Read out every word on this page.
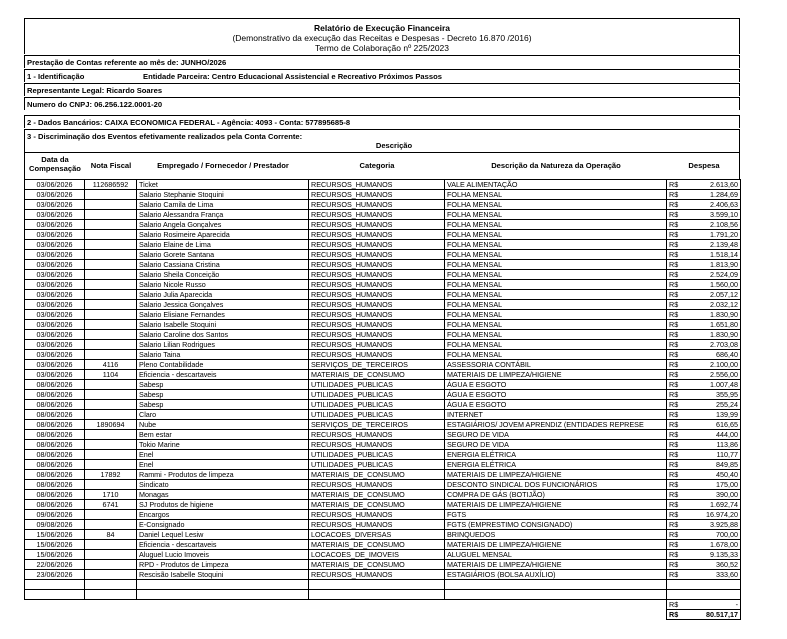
Relatório de Execução Financeira
(Demonstrativo da execução das Receitas e Despesas - Decreto 16.870 /2016)
Termo de Colaboração nº 225/2023
Prestação de Contas referente ao mês de: JUNHO/2026
1 - Identificação	Entidade Parceira: Centro Educacional Assistencial e Recreativo Próximos Passos
Representante Legal: Ricardo Soares
Numero do CNPJ: 06.256.122.0001-20
2 - Dados Bancários: CAIXA ECONOMICA FEDERAL - Agência: 4093 - Conta: 577895685-8
3 - Discriminação dos Eventos efetivamente realizados pela Conta Corrente:
Descrição
Data da Compensação	Nota Fiscal	Empregado / Fornecedor / Prestador	Categoria	Descrição da Natureza da Operação	Despesa
03/06/2026	112686592	Ticket	RECURSOS_HUMANOS	VALE ALIMENTAÇÃO	R$	2.613,60
03/06/2026		Salario Stephanie Stoquini	RECURSOS_HUMANOS	FOLHA MENSAL	R$	1.284,69
03/06/2026		Salario Camila de Lima	RECURSOS_HUMANOS	FOLHA MENSAL	R$	2.406,63
03/06/2026		Salario Alessandra França	RECURSOS_HUMANOS	FOLHA MENSAL	R$	3.599,10
03/06/2026		Salario Angela Gonçalves	RECURSOS_HUMANOS	FOLHA MENSAL	R$	2.108,56
03/06/2026		Salario Rosimeire Aparecida	RECURSOS_HUMANOS	FOLHA MENSAL	R$	1.791,20
03/06/2026		Salario Elaine de Lima	RECURSOS_HUMANOS	FOLHA MENSAL	R$	2.139,48
03/06/2026		Salario Gorete Santana	RECURSOS_HUMANOS	FOLHA MENSAL	R$	1.518,14
03/06/2026		Salario Cassiana Cristina	RECURSOS_HUMANOS	FOLHA MENSAL	R$	1.813,90
03/06/2026		Salario Sheila Conceição	RECURSOS_HUMANOS	FOLHA MENSAL	R$	2.524,09
03/06/2026		Salario Nicole Russo	RECURSOS_HUMANOS	FOLHA MENSAL	R$	1.560,00
03/06/2026		Salario Julia Aparecida	RECURSOS_HUMANOS	FOLHA MENSAL	R$	2.057,12
03/06/2026		Salario Jessica Gonçalves	RECURSOS_HUMANOS	FOLHA MENSAL	R$	2.032,12
03/06/2026		Salario Elisiane Fernandes	RECURSOS_HUMANOS	FOLHA MENSAL	R$	1.830,90
03/06/2026		Salario Isabelle Stoquini	RECURSOS_HUMANOS	FOLHA MENSAL	R$	1.651,80
03/06/2026		Salario Caroline dos Santos	RECURSOS_HUMANOS	FOLHA MENSAL	R$	1.830,90
03/06/2026		Salario Lilian Rodrigues	RECURSOS_HUMANOS	FOLHA MENSAL	R$	2.703,08
03/06/2026		Salario Taina	RECURSOS_HUMANOS	FOLHA MENSAL	R$	686,40
03/06/2026	4116	Pleno Contabilidade	SERVIÇOS_DE_TERCEIROS	ASSESSORIA CONTÁBIL	R$	2.100,00
03/06/2026	1104	Eficiencia - descartaveis	MATERIAIS_DE_CONSUMO	MATERIAIS DE LIMPEZA/HIGIENE	R$	2.556,00
08/06/2026		Sabesp	UTILIDADES_PUBLICAS	ÁGUA E ESGOTO	R$	1.007,48
08/06/2026		Sabesp	UTILIDADES_PUBLICAS	ÁGUA E ESGOTO	R$	355,95
08/06/2026		Sabesp	UTILIDADES_PUBLICAS	ÁGUA E ESGOTO	R$	255,24
08/06/2026		Claro	UTILIDADES_PUBLICAS	INTERNET	R$	139,99
08/06/2026	1890694	Nube	SERVIÇOS_DE_TERCEIROS	ESTAGIÁRIOS/ JOVEM APRENDIZ (ENTIDADES REPRESE	R$	616,65
08/06/2026		Bem estar	RECURSOS_HUMANOS	SEGURO DE VIDA	R$	444,00
08/06/2026		Tokio Marine	RECURSOS_HUMANOS	SEGURO DE VIDA	R$	113,86
08/06/2026		Enel	UTILIDADES_PUBLICAS	ENERGIA ELÉTRICA	R$	110,77
08/06/2026		Enel	UTILIDADES_PUBLICAS	ENERGIA ELÉTRICA	R$	849,85
08/06/2026	17892	Rammi - Produtos de limpeza	MATERIAIS_DE_CONSUMO	MATERIAIS DE LIMPEZA/HIGIENE	R$	450,40
08/06/2026		Sindicato	RECURSOS_HUMANOS	DESCONTO SINDICAL DOS FUNCIONÁRIOS	R$	175,00
08/06/2026	1710	Monagas	MATERIAIS_DE_CONSUMO	COMPRA DE GÁS (BOTIJÃO)	R$	390,00
08/06/2026	6741	SJ Produtos de higiene	MATERIAIS_DE_CONSUMO	MATERIAIS DE LIMPEZA/HIGIENE	R$	1.692,74
09/06/2026		Encargos	RECURSOS_HUMANOS	FGTS	R$	16.974,20
09/08/2026		E-Consignado	RECURSOS_HUMANOS	FGTS (EMPRESTIMO CONSIGNADO)	R$	3.925,88
15/06/2026	84	Daniel Lequel Lesiw	LOCACOES_DIVERSAS	BRINQUEDOS	R$	700,00
15/06/2026		Eficiencia - descartaveis	MATERIAIS_DE_CONSUMO	MATERIAIS DE LIMPEZA/HIGIENE	R$	1.678,00
15/06/2026		Aluguel Lucio Imoveis	LOCACOES_DE_IMOVEIS	ALUGUEL MENSAL	R$	9.135,33
22/06/2026		RPD - Produtos de Limpeza	MATERIAIS_DE_CONSUMO	MATERIAIS DE LIMPEZA/HIGIENE	R$	360,52
23/06/2026		Rescisão Isabelle Stoquini	RECURSOS_HUMANOS	ESTAGIÁRIOS (BOLSA AUXÍLIO)	R$	333,60

					R$	-
					R$	80.517,17
